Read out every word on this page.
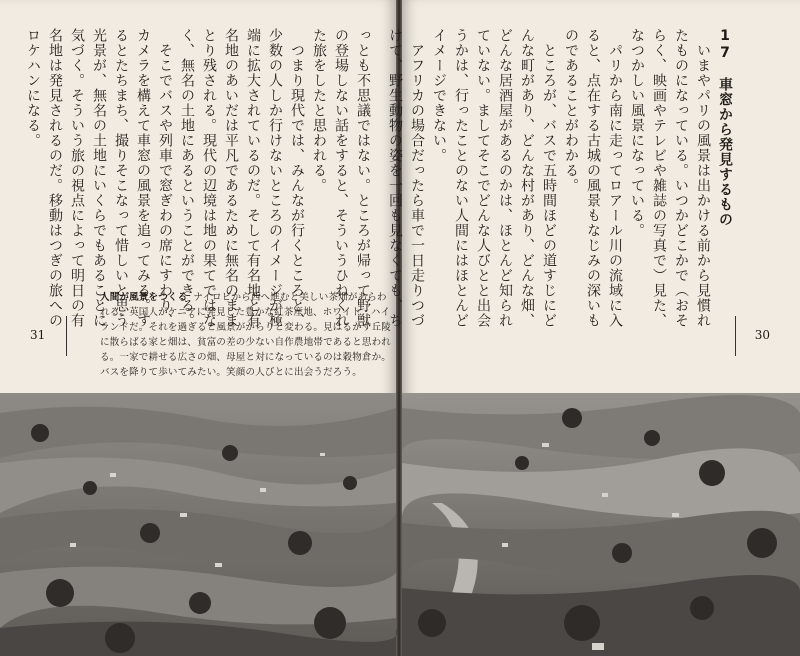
っとも不思議ではない。ところが帰って野獣
の登場しない話をすると、そういうひねくれ
た旅をしたと思われる。
　つまり現代では、みんなが行くところと、
少数の人しか行けないところのイメージが極
端に拡大されているのだ。そして有名地と有
名地のあいだは平凡であるために無名のまま
とり残される。現代の辺境は地の果てではな
く、無名の土地にあるということができる。
　そこでバスや列車で窓ぎわの席にすわり、
カメラを構えて車窓の風景を追ってみる。す
るとたちまち、撮りそこなって惜しいと思う
光景が、無名の土地にいくらでもあることに
気づく。そういう旅の視点によって明日の有
名地は発見されるのだ。移動はつぎの旅への
ロケハンになる。
31
人間が風景をつくる ナイロビから西へ進むと美しい茶畑があらわれる。英国人がケニアに発見した豊かな紅茶産地、ホワイト・ハイランドだ。それを過ぎると風景ががらりと変わる。見はるかす丘陵に散らばる家と畑は、貧富の差の少ない自作農地帯であると思われる。一家で耕せる広さの畑、母屋と対になっているのは穀物倉か。バスを降りて歩いてみたい。笑顔の人びとに出会うだろう。
17　車窓から発見するもの
　いまやパリの風景は出かける前から見慣れ
たものになっている。いつかどこかで（おそ
らく、映画やテレビや雑誌の写真で）見た、
なつかしい風景になっている。
　パリから南に走ってロアール川の流域に入
ると、点在する古城の風景もなじみの深いも
のであることがわかる。
　ところが、バスで五時間ほどの道すじにど
んな町があり、どんな村があり、どんな畑、
どんな居酒屋があるのかは、ほとんど知られ
ていない。ましてそこでどんな人びとと出会
うかは、行ったことのない人間にはほとんど
イメージできない。
　アフリカの場合だったら車で一日走りつづ
けて、野生動物の姿を一回も見なくても、ち
30
